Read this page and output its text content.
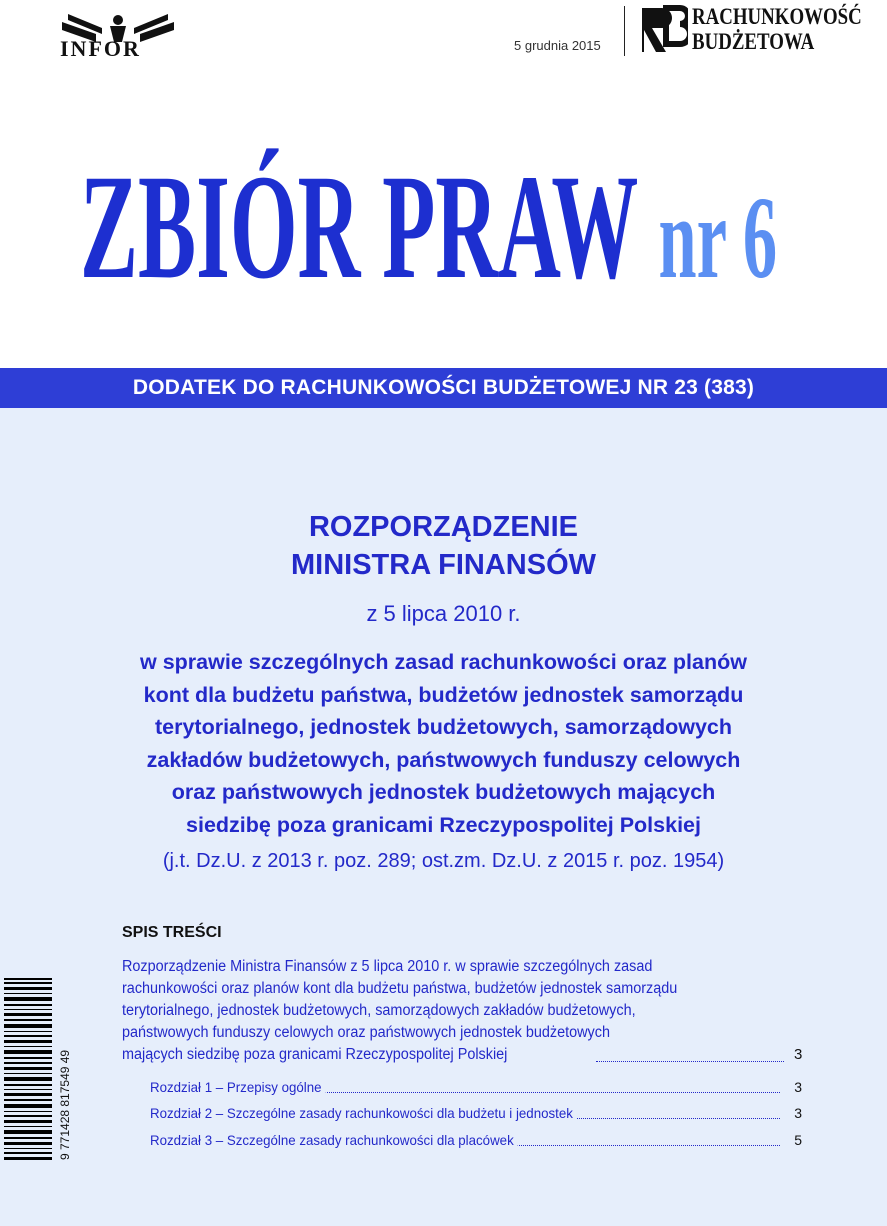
INFOR	5 grudnia 2015
RACHUNKOWOŚĆ
BUDŻETOWA
ZBIÓR PRAW nr 6
DODATEK DO RACHUNKOWOŚCI BUDŻETOWEJ NR 23 (383)
ROZPORZĄDZENIE
MINISTRA FINANSÓW
z 5 lipca 2010 r.
w sprawie szczególnych zasad rachunkowości oraz planów
kont dla budżetu państwa, budżetów jednostek samorządu
terytorialnego, jednostek budżetowych, samorządowych
zakładów budżetowych, państwowych funduszy celowych
oraz państwowych jednostek budżetowych mających
siedzibę poza granicami Rzeczypospolitej Polskiej
(j.t. Dz.U. z 2013 r. poz. 289; ost.zm. Dz.U. z 2015 r. poz. 1954)
SPIS TREŚCI
Rozporządzenie Ministra Finansów z 5 lipca 2010 r. w sprawie szczególnych zasad
rachunkowości oraz planów kont dla budżetu państwa, budżetów jednostek samorządu
terytorialnego, jednostek budżetowych, samorządowych zakładów budżetowych,
państwowych funduszy celowych oraz państwowych jednostek budżetowych
mających siedzibę poza granicami Rzeczypospolitej Polskiej	3
Rozdział 1 – Przepisy ogólne	3
Rozdział 2 – Szczególne zasady rachunkowości dla budżetu i jednostek	3
Rozdział 3 – Szczególne zasady rachunkowości dla placówek	5
9 771428 817549 49
